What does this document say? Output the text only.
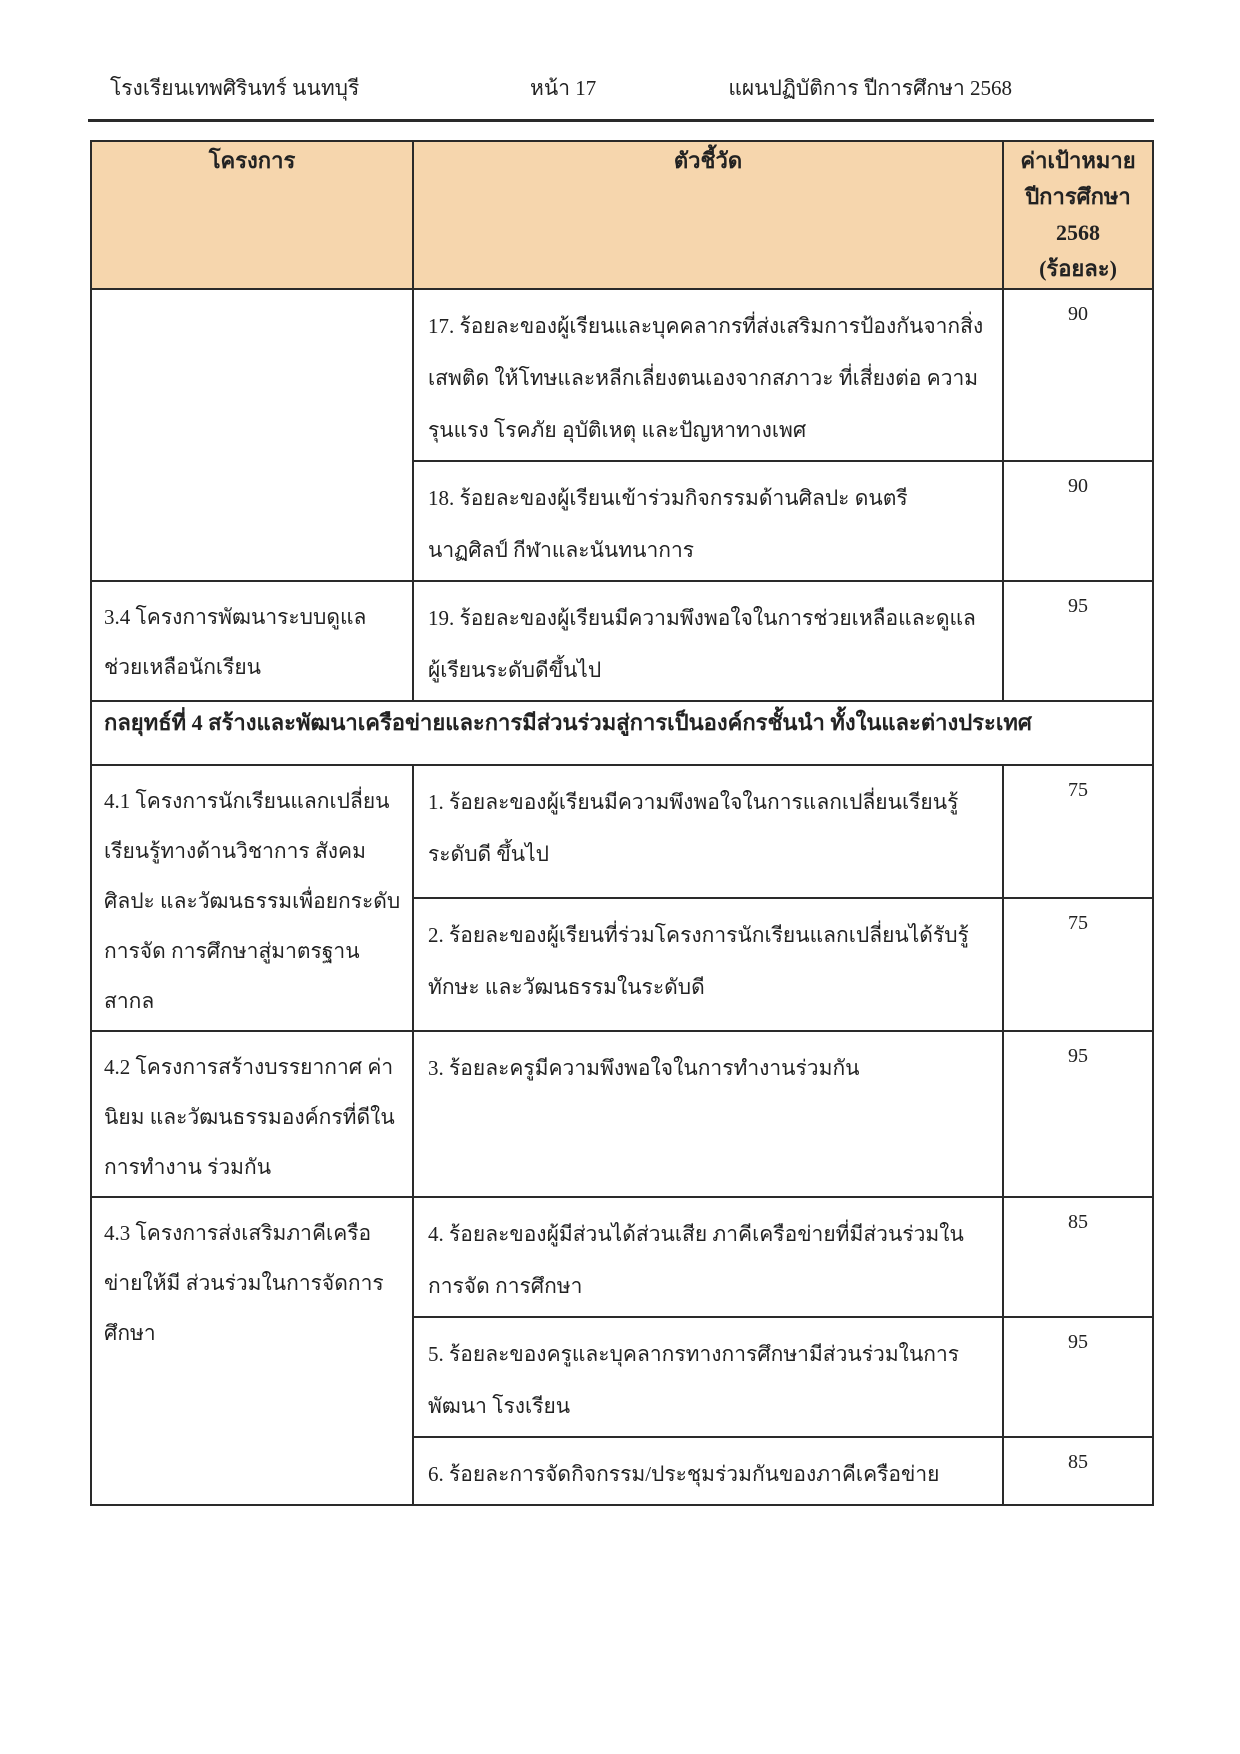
โรงเรียนเทพศิรินทร์ นนทบุรี	หน้า 17	แผนปฏิบัติการ ปีการศึกษา 2568
โครงการ	ตัวชี้วัด	ค่าเป้าหมาย
ปีการศึกษา 2568
(ร้อยละ)

	17. ร้อยละของผู้เรียนและบุคคลากรที่ส่งเสริมการป้องกันจากสิ่งเสพติด ให้โทษและหลีกเลี่ยงตนเองจากสภาวะ ที่เสี่ยงต่อ ความรุนแรง โรคภัย อุบัติเหตุ และปัญหาทางเพศ	90
	18. ร้อยละของผู้เรียนเข้าร่วมกิจกรรมด้านศิลปะ ดนตรี นาฏศิลป์ กีฬาและนันทนาการ	90
3.4 โครงการพัฒนาระบบดูแล ช่วยเหลือนักเรียน	19. ร้อยละของผู้เรียนมีความพึงพอใจในการช่วยเหลือและดูแล ผู้เรียนระดับดีขึ้นไป	95
กลยุทธ์ที่ 4 สร้างและพัฒนาเครือข่ายและการมีส่วนร่วมสู่การเป็นองค์กรชั้นนำ ทั้งในและต่างประเทศ		
4.1 โครงการนักเรียนแลกเปลี่ยน เรียนรู้ทางด้านวิชาการ สังคม ศิลปะ และวัฒนธรรมเพื่อยกระดับการจัด การศึกษาสู่มาตรฐานสากล	1. ร้อยละของผู้เรียนมีความพึงพอใจในการแลกเปลี่ยนเรียนรู้ระดับดี ขึ้นไป	75
	2. ร้อยละของผู้เรียนที่ร่วมโครงการนักเรียนแลกเปลี่ยนได้รับรู้ทักษะ และวัฒนธรรมในระดับดี	75
4.2 โครงการสร้างบรรยากาศ ค่านิยม และวัฒนธรรมองค์กรที่ดีในการทำงาน ร่วมกัน	3. ร้อยละครูมีความพึงพอใจในการทำงานร่วมกัน	95
4.3 โครงการส่งเสริมภาคีเครือข่ายให้มี ส่วนร่วมในการจัดการศึกษา	4. ร้อยละของผู้มีส่วนได้ส่วนเสีย ภาคีเครือข่ายที่มีส่วนร่วมในการจัด การศึกษา	85
	5. ร้อยละของครูและบุคลากรทางการศึกษามีส่วนร่วมในการพัฒนา โรงเรียน	95
	6. ร้อยละการจัดกิจกรรม/ประชุมร่วมกันของภาคีเครือข่าย	85
